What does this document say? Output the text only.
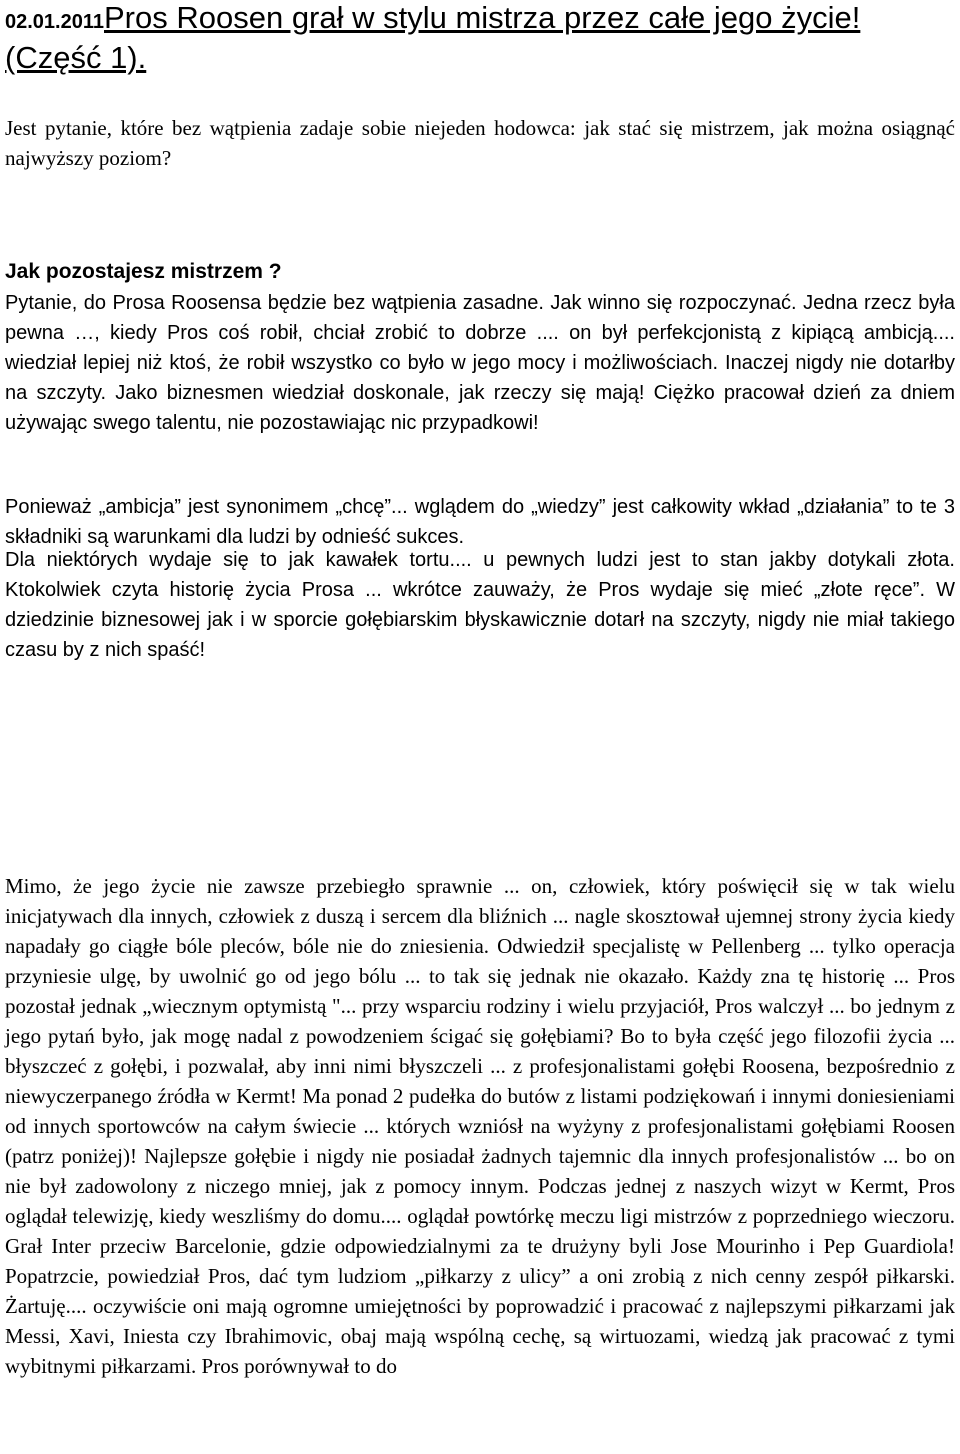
02.01.2011Pros Roosen grał w stylu mistrza przez całe jego życie!
(Część 1).

Jest pytanie, które bez wątpienia zadaje sobie niejeden hodowca: jak stać się mistrzem, jak można osiągnąć najwyższy poziom?

Jak pozostajesz mistrzem ?

Pytanie, do Prosa Roosensa będzie bez wątpienia zasadne. Jak winno się rozpoczynać. Jedna rzecz była pewna …, kiedy Pros coś robił, chciał zrobić to dobrze .... on był perfekcjonistą z kipiącą ambicją.... wiedział lepiej niż ktoś, że robił wszystko co było w jego mocy i możliwościach. Inaczej nigdy nie dotarłby na szczyty. Jako biznesmen wiedział doskonale, jak rzeczy się mają! Ciężko pracował dzień za dniem używając swego talentu, nie pozostawiając nic przypadkowi!

Ponieważ „ambicja” jest synonimem „chcę”... wglądem do „wiedzy” jest całkowity wkład „działania” to te 3 składniki są warunkami dla ludzi by odnieść sukces.

Dla niektórych wydaje się to jak kawałek tortu.... u pewnych ludzi jest to stan jakby dotykali złota. Ktokolwiek czyta historię życia Prosa ... wkrótce zauważy, że Pros wydaje się mieć „złote ręce”. W dziedzinie biznesowej jak i w sporcie gołębiarskim błyskawicznie dotarł na szczyty, nigdy nie miał takiego czasu by z nich spaść!

Mimo, że jego życie nie zawsze przebiegło sprawnie ... on, człowiek, który poświęcił się w tak wielu inicjatywach dla innych, człowiek z duszą i sercem dla bliźnich ... nagle skosztował ujemnej strony życia kiedy napadały go ciągłe bóle pleców, bóle nie do zniesienia. Odwiedził specjalistę w Pellenberg ... tylko operacja przyniesie ulgę, by uwolnić go od jego bólu ... to tak się jednak nie okazało. Każdy zna tę historię ... Pros pozostał jednak „wiecznym optymistą "... przy wsparciu rodziny i wielu przyjaciół, Pros walczył ... bo jednym z jego pytań było, jak mogę nadal z powodzeniem ścigać się gołębiami? Bo to była część jego filozofii życia ... błyszczeć z gołębi, i pozwalał, aby inni nimi błyszczeli ... z profesjonalistami gołębi Roosena, bezpośrednio z niewyczerpanego źródła w Kermt! Ma ponad 2 pudełka do butów z listami podziękowań i innymi doniesieniami od innych sportowców na całym świecie ... których wzniósł na wyżyny z profesjonalistami gołębiami Roosen (patrz poniżej)! Najlepsze gołębie i nigdy nie posiadał żadnych tajemnic dla innych profesjonalistów ... bo on nie był zadowolony z niczego mniej, jak z pomocy innym. Podczas jednej z naszych wizyt w Kermt, Pros oglądał telewizję, kiedy weszliśmy do domu.... oglądał powtórkę meczu ligi mistrzów z poprzedniego wieczoru. Grał Inter przeciw Barcelonie, gdzie odpowiedzialnymi za te drużyny byli Jose Mourinho i Pep Guardiola! Popatrzcie, powiedział Pros, dać tym ludziom „piłkarzy z ulicy” a oni zrobią z nich cenny zespół piłkarski. Żartuję.... oczywiście oni mają ogromne umiejętności by poprowadzić i pracować z najlepszymi piłkarzami jak Messi, Xavi, Iniesta czy Ibrahimovic, obaj mają wspólną cechę, są wirtuozami, wiedzą jak pracować z tymi wybitnymi piłkarzami. Pros porównywał to do
